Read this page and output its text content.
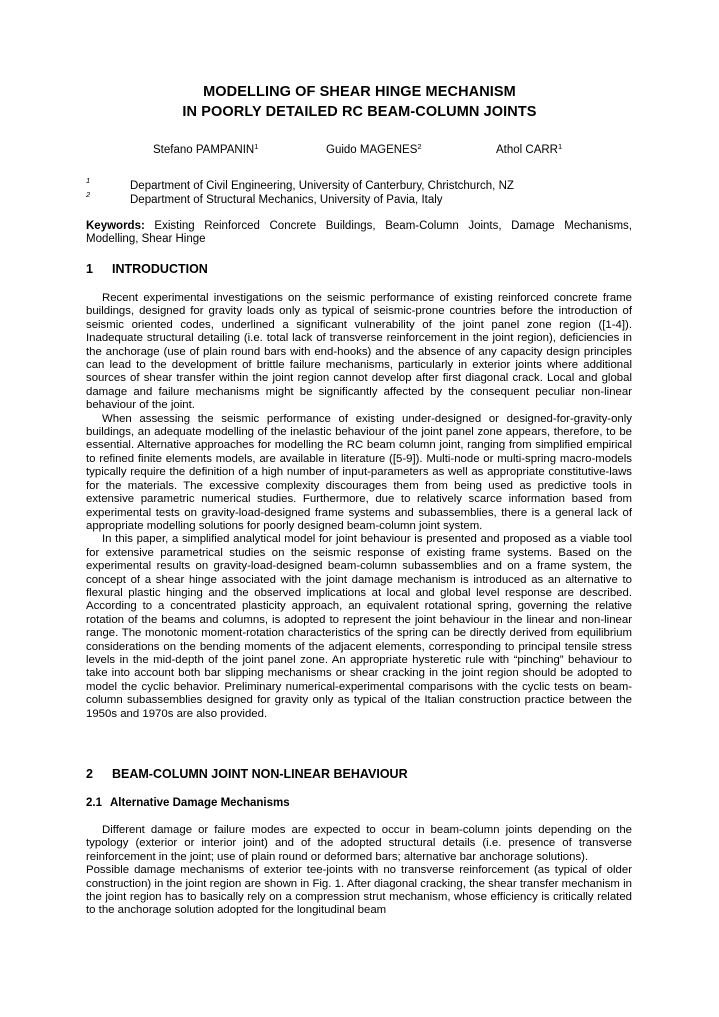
MODELLING OF SHEAR HINGE MECHANISM
IN POORLY DETAILED RC BEAM-COLUMN JOINTS
Stefano PAMPANIN$^1$	Guido MAGENES$^2$	Athol CARR$^1$
1	Department of Civil Engineering, University of Canterbury, Christchurch, NZ
2	Department of Structural Mechanics, University of Pavia, Italy
Keywords: Existing Reinforced Concrete Buildings, Beam-Column Joints, Damage Mechanisms, Modelling, Shear Hinge
1 INTRODUCTION

Recent experimental investigations on the seismic performance of existing reinforced concrete frame buildings, designed for gravity loads only as typical of seismic-prone countries before the introduction of seismic oriented codes, underlined a significant vulnerability of the joint panel zone region ([1-4]). Inadequate structural detailing (i.e. total lack of transverse reinforcement in the joint region), deficiencies in the anchorage (use of plain round bars with end-hooks) and the absence of any capacity design principles can lead to the development of brittle failure mechanisms, particularly in exterior joints where additional sources of shear transfer within the joint region cannot develop after first diagonal crack. Local and global damage and failure mechanisms might be significantly affected by the consequent peculiar non-linear behaviour of the joint.

When assessing the seismic performance of existing under-designed or designed-for-gravity-only buildings, an adequate modelling of the inelastic behaviour of the joint panel zone appears, therefore, to be essential. Alternative approaches for modelling the RC beam column joint, ranging from simplified empirical to refined finite elements models, are available in literature ([5-9]). Multi-node or multi-spring macro-models typically require the definition of a high number of input-parameters as well as appropriate constitutive-laws for the materials. The excessive complexity discourages them from being used as predictive tools in extensive parametric numerical studies. Furthermore, due to relatively scarce information based from experimental tests on gravity-load-designed frame systems and subassemblies, there is a general lack of appropriate modelling solutions for poorly designed beam-column joint system.

In this paper, a simplified analytical model for joint behaviour is presented and proposed as a viable tool for extensive parametrical studies on the seismic response of existing frame systems. Based on the experimental results on gravity-load-designed beam-column subassemblies and on a frame system, the concept of a shear hinge associated with the joint damage mechanism is introduced as an alternative to flexural plastic hinging and the observed implications at local and global level response are described. According to a concentrated plasticity approach, an equivalent rotational spring, governing the relative rotation of the beams and columns, is adopted to represent the joint behaviour in the linear and non-linear range. The monotonic moment-rotation characteristics of the spring can be directly derived from equilibrium considerations on the bending moments of the adjacent elements, corresponding to principal tensile stress levels in the mid-depth of the joint panel zone. An appropriate hysteretic rule with “pinching” behaviour to take into account both bar slipping mechanisms or shear cracking in the joint region should be adopted to model the cyclic behavior. Preliminary numerical-experimental comparisons with the cyclic tests on beam-column subassemblies designed for gravity only as typical of the Italian construction practice between the 1950s and 1970s are also provided.

2 BEAM-COLUMN JOINT NON-LINEAR BEHAVIOUR
2.1 Alternative Damage Mechanisms

Different damage or failure modes are expected to occur in beam-column joints depending on the typology (exterior or interior joint) and of the adopted structural details (i.e. presence of transverse reinforcement in the joint; use of plain round or deformed bars; alternative bar anchorage solutions).

Possible damage mechanisms of exterior tee-joints with no transverse reinforcement (as typical of older construction) in the joint region are shown in Fig. 1. After diagonal cracking, the shear transfer mechanism in the joint region has to basically rely on a compression strut mechanism, whose efficiency is critically related to the anchorage solution adopted for the longitudinal beam
